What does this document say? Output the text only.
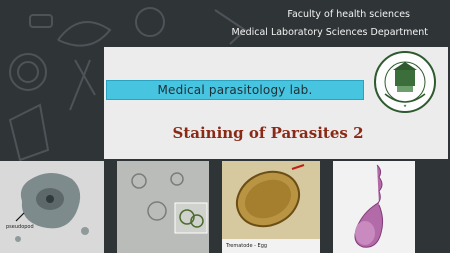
Faculty of health sciences
Medical Laboratory Sciences Department
Medical parasitology lab.
★
Staining of Parasites 2
pseudopod
Trematode - Egg
